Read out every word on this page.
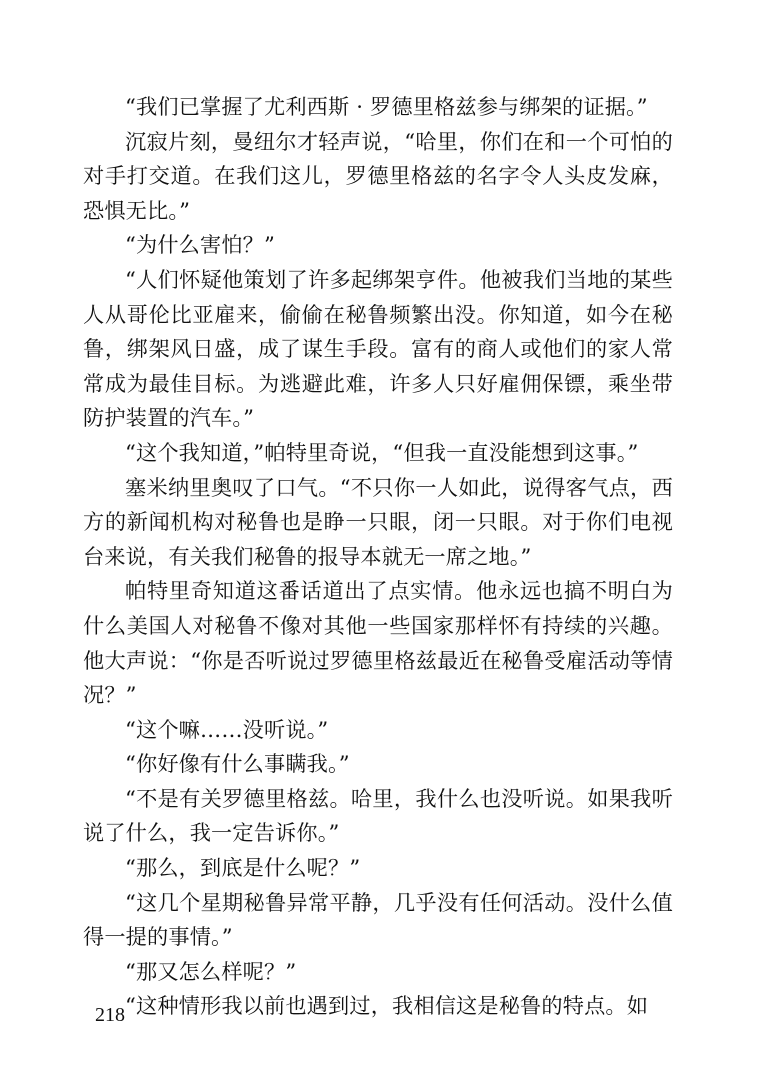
“我们已掌握了尤利西斯 · 罗德里格兹参与绑架的证据。”

沉寂片刻，曼纽尔才轻声说，“哈里，你们在和一个可怕的对手打交道。在我们这儿，罗德里格兹的名字令人头皮发麻，恐惧无比。”

“为什么害怕？”

“人们怀疑他策划了许多起绑架亨件。他被我们当地的某些人从哥伦比亚雇来，偷偷在秘鲁频繁出没。你知道，如今在秘鲁，绑架风日盛，成了谋生手段。富有的商人或他们的家人常常成为最佳目标。为逃避此难，许多人只好雇佣保镖，乘坐带防护装置的汽车。”

“这个我知道，”帕特里奇说，“但我一直没能想到这事。”

塞米纳里奥叹了口气。“不只你一人如此，说得客气点，西方的新闻机构对秘鲁也是睁一只眼，闭一只眼。对于你们电视台来说，有关我们秘鲁的报导本就无一席之地。”

帕特里奇知道这番话道出了点实情。他永远也搞不明白为什么美国人对秘鲁不像对其他一些国家那样怀有持续的兴趣。他大声说：“你是否听说过罗德里格兹最近在秘鲁受雇活动等情况？”

“这个嘛……没听说。”

“你好像有什么事瞒我。”

“不是有关罗德里格兹。哈里，我什么也没听说。如果我听说了什么，我一定告诉你。”

“那么，到底是什么呢？”

“这几个星期秘鲁异常平静，几乎没有任何活动。没什么值得一提的事情。”

“那又怎么样呢？”

“这种情形我以前也遇到过，我相信这是秘鲁的特点。如

218
